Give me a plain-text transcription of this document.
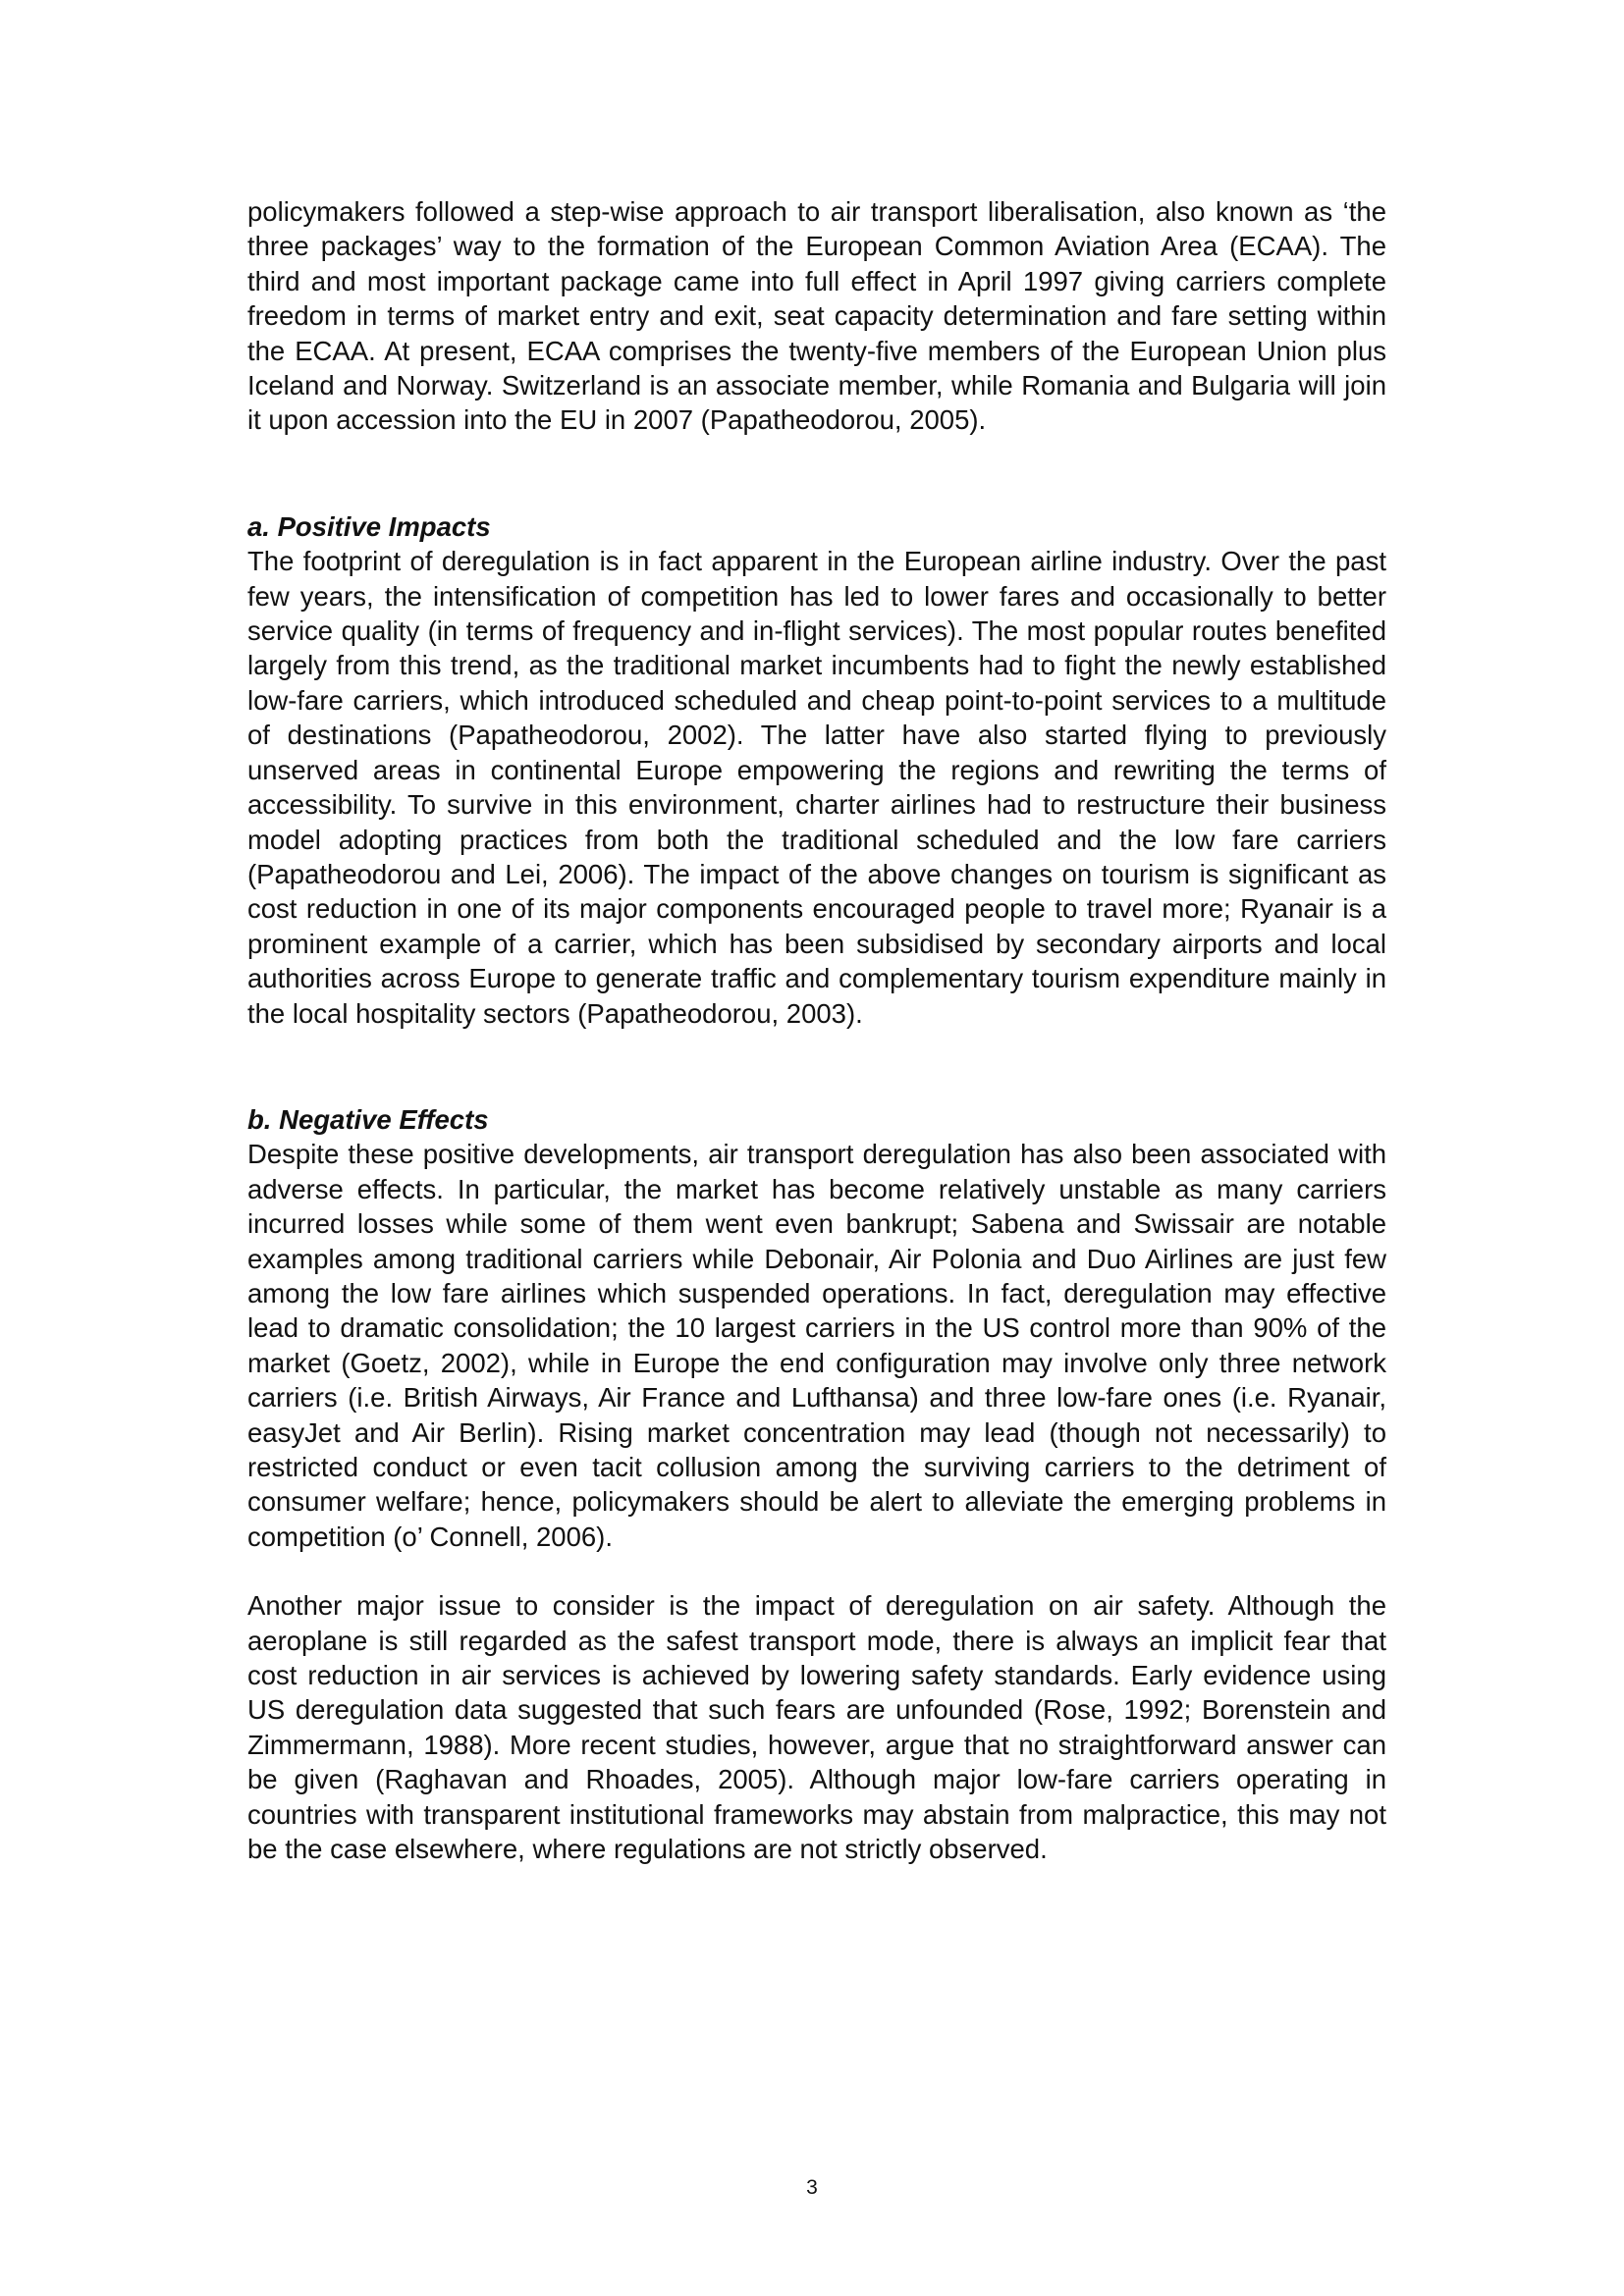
policymakers followed a step-wise approach to air transport liberalisation, also known as ‘the three packages’ way to the formation of the European Common Aviation Area (ECAA). The third and most important package came into full effect in April 1997 giving carriers complete freedom in terms of market entry and exit, seat capacity determination and fare setting within the ECAA. At present, ECAA comprises the twenty-five members of the European Union plus Iceland and Norway. Switzerland is an associate member, while Romania and Bulgaria will join it upon accession into the EU in 2007 (Papatheodorou, 2005).

a. Positive Impacts

The footprint of deregulation is in fact apparent in the European airline industry. Over the past few years, the intensification of competition has led to lower fares and occasionally to better service quality (in terms of frequency and in-flight services). The most popular routes benefited largely from this trend, as the traditional market incumbents had to fight the newly established low-fare carriers, which introduced scheduled and cheap point-to-point services to a multitude of destinations (Papatheodorou, 2002). The latter have also started flying to previously unserved areas in continental Europe empowering the regions and rewriting the terms of accessibility. To survive in this environment, charter airlines had to restructure their business model adopting practices from both the traditional scheduled and the low fare carriers (Papatheodorou and Lei, 2006). The impact of the above changes on tourism is significant as cost reduction in one of its major components encouraged people to travel more; Ryanair is a prominent example of a carrier, which has been subsidised by secondary airports and local authorities across Europe to generate traffic and complementary tourism expenditure mainly in the local hospitality sectors (Papatheodorou, 2003).

b. Negative Effects

Despite these positive developments, air transport deregulation has also been associated with adverse effects. In particular, the market has become relatively unstable as many carriers incurred losses while some of them went even bankrupt; Sabena and Swissair are notable examples among traditional carriers while Debonair, Air Polonia and Duo Airlines are just few among the low fare airlines which suspended operations. In fact, deregulation may effective lead to dramatic consolidation; the 10 largest carriers in the US control more than 90% of the market (Goetz, 2002), while in Europe the end configuration may involve only three network carriers (i.e. British Airways, Air France and Lufthansa) and three low-fare ones (i.e. Ryanair, easyJet and Air Berlin). Rising market concentration may lead (though not necessarily) to restricted conduct or even tacit collusion among the surviving carriers to the detriment of consumer welfare; hence, policymakers should be alert to alleviate the emerging problems in competition (o’ Connell, 2006).

Another major issue to consider is the impact of deregulation on air safety. Although the aeroplane is still regarded as the safest transport mode, there is always an implicit fear that cost reduction in air services is achieved by lowering safety standards. Early evidence using US deregulation data suggested that such fears are unfounded (Rose, 1992; Borenstein and Zimmermann, 1988). More recent studies, however, argue that no straightforward answer can be given (Raghavan and Rhoades, 2005). Although major low-fare carriers operating in countries with transparent institutional frameworks may abstain from malpractice, this may not be the case elsewhere, where regulations are not strictly observed.

3
